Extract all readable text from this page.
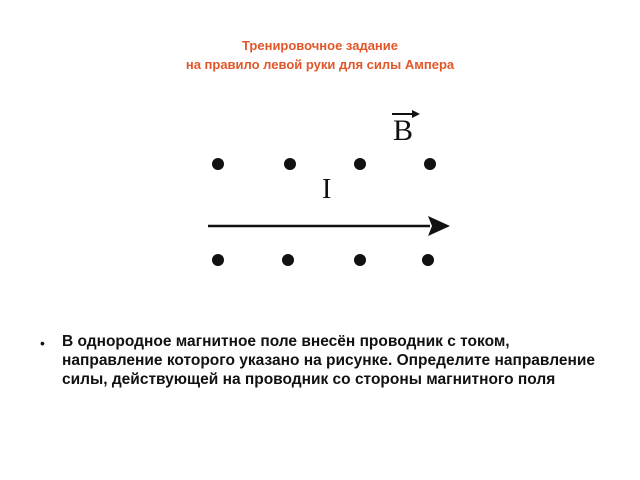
Тренировочное задание
на правило левой руки для силы Ампера
B
I
• В однородное магнитное поле внесён проводник с током, направление которого указано на рисунке. Определите направление силы, действующей на проводник со стороны магнитного поля
